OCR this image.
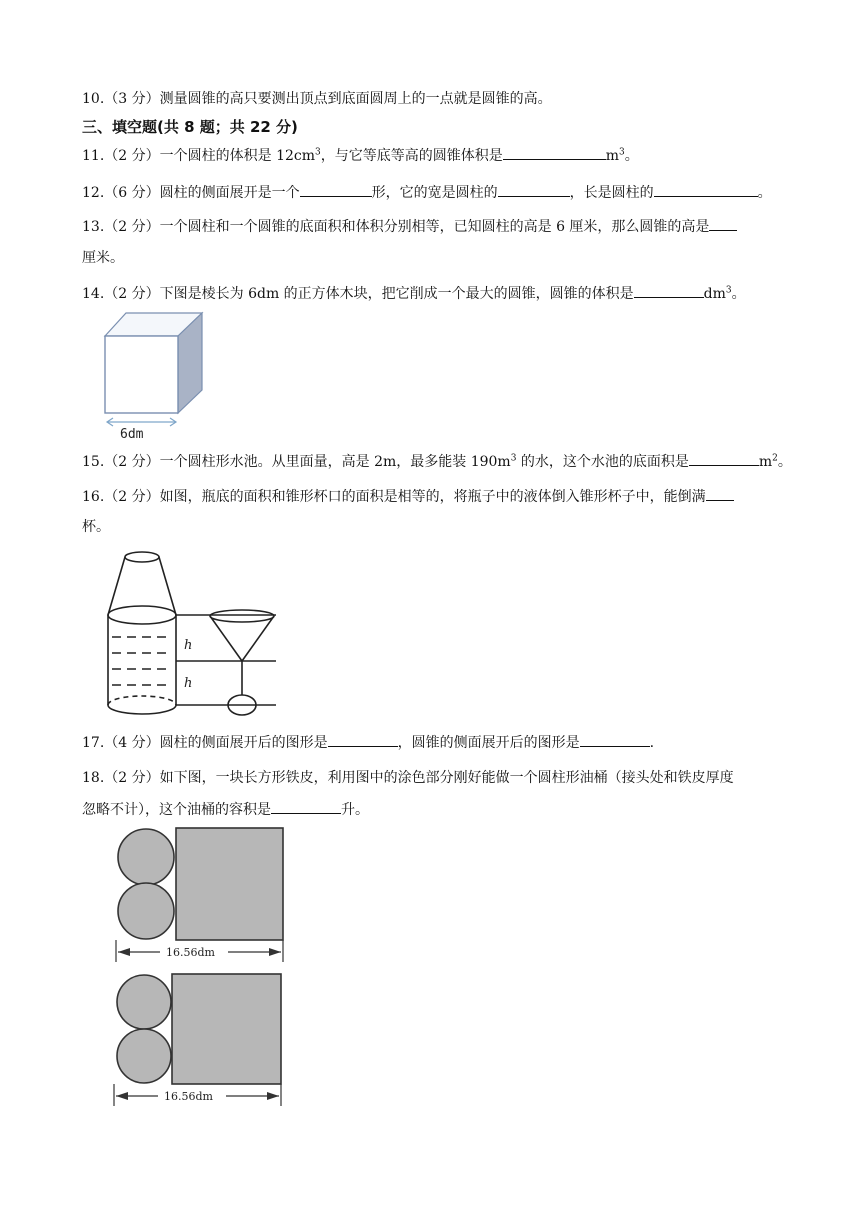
10.（3 分）测量圆锥的高只要测出顶点到底面圆周上的一点就是圆锥的高。
三、填空题(共 8 题；共 22 分)
11.（2 分）一个圆柱的体积是 $12cm^3$，与它等底等高的圆锥体积是	$m^3$。
12.（6 分）圆柱的侧面展开是一个	形，它的宽是圆柱的	，长是圆柱的	。
13.（2 分）一个圆柱和一个圆锥的底面积和体积分别相等，已知圆柱的高是 6 厘米，那么圆锥的高是
厘米。
14.（2 分）下图是棱长为 6dm 的正方体木块，把它削成一个最大的圆锥，圆锥的体积是	$dm^3$。
6dm
15.（2 分）一个圆柱形水池。从里面量，高是 2m，最多能装 $190m^3$ 的水，这个水池的底面积是	$m^2$。
16.（2 分）如图，瓶底的面积和锥形杯口的面积是相等的，将瓶子中的液体倒入锥形杯子中，能倒满
杯。
h
h
17.（4 分）圆柱的侧面展开后的图形是	，圆锥的侧面展开后的图形是	.
18.（2 分）如下图，一块长方形铁皮，利用图中的涂色部分刚好能做一个圆柱形油桶（接头处和铁皮厚度
忽略不计），这个油桶的容积是	升。
16.56dm
16.56dm
